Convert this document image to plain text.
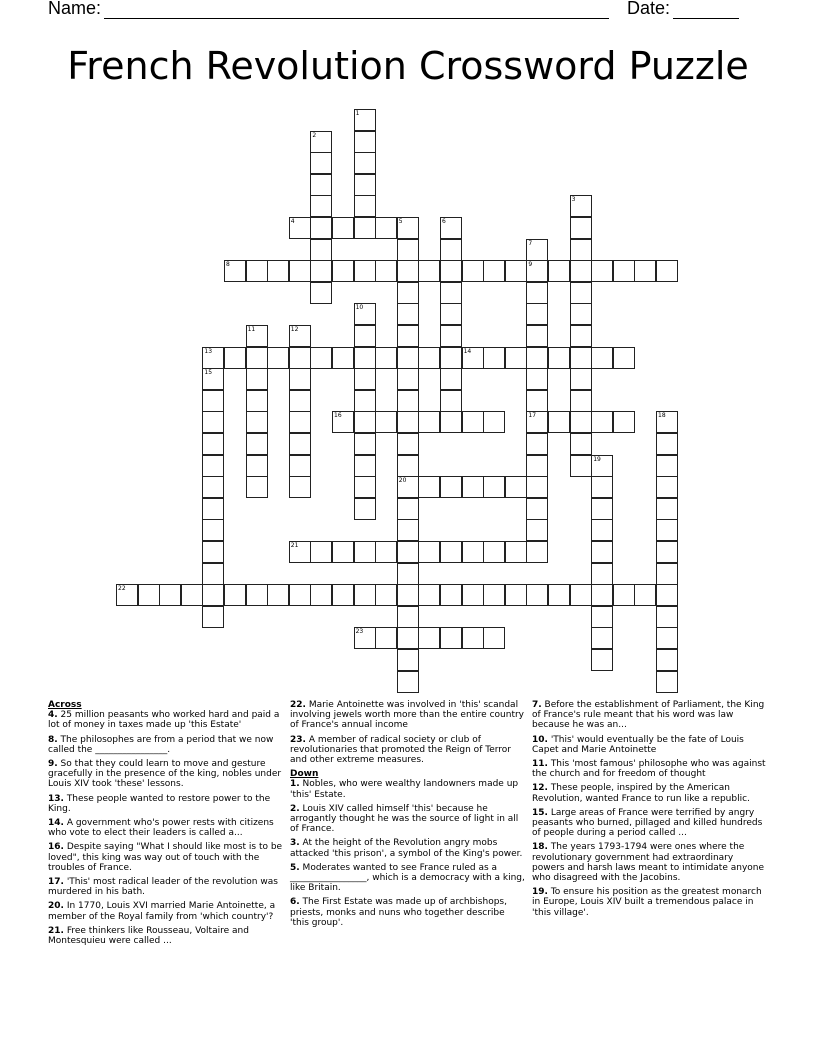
Name:	Date:
French Revolution Crossword Puzzle
1
2
3
4	5
20
6
7
9
17
8
10
11	12
13	14
15
16	18
19
21
22
23

Across

4. 25 million peasants who worked hard and paid a lot of money in taxes made up 'this Estate'

8. The philosophes are from a period that we now called the ________________.

9. So that they could learn to move and gesture gracefully in the presence of the king, nobles under Louis XIV took 'these' lessons.

13. These people wanted to restore power to the King.

14. A government who's power rests with citizens who vote to elect their leaders is called a...

16. Despite saying "What I should like most is to be loved", this king was way out of touch with the troubles of France.

17. 'This' most radical leader of the revolution was murdered in his bath.

20. In 1770, Louis XVI married Marie Antoinette, a member of the Royal family from 'which country'?

21. Free thinkers like Rousseau, Voltaire and Montesquieu were called ...

22. Marie Antoinette was involved in 'this' scandal involving jewels worth more than the entire country of France's annual income

23. A member of radical society or club of revolutionaries that promoted the Reign of Terror and other extreme measures.

Down

1. Nobles, who were wealthy landowners made up 'this' Estate.

2. Louis XIV called himself 'this' because he arrogantly thought he was the source of light in all of France.

3. At the height of the Revolution angry mobs attacked 'this prison', a symbol of the King's power.

5. Moderates wanted to see France ruled as a _________________, which is a democracy with a king, like Britain.

6. The First Estate was made up of archbishops, priests, monks and nuns who together describe 'this group'.

7. Before the establishment of Parliament, the King of France's rule meant that his word was law because he was an...

10. 'This' would eventually be the fate of Louis Capet and Marie Antoinette

11. This 'most famous' philosophe who was against the church and for freedom of thought

12. These people, inspired by the American Revolution, wanted France to run like a republic.

15. Large areas of France were terrified by angry peasants who burned, pillaged and killed hundreds of people during a period called ...

18. The years 1793-1794 were ones where the revolutionary government had extraordinary powers and harsh laws meant to intimidate anyone who disagreed with the Jacobins.

19. To ensure his position as the greatest monarch in Europe, Louis XIV built a tremendous palace in 'this village'.
